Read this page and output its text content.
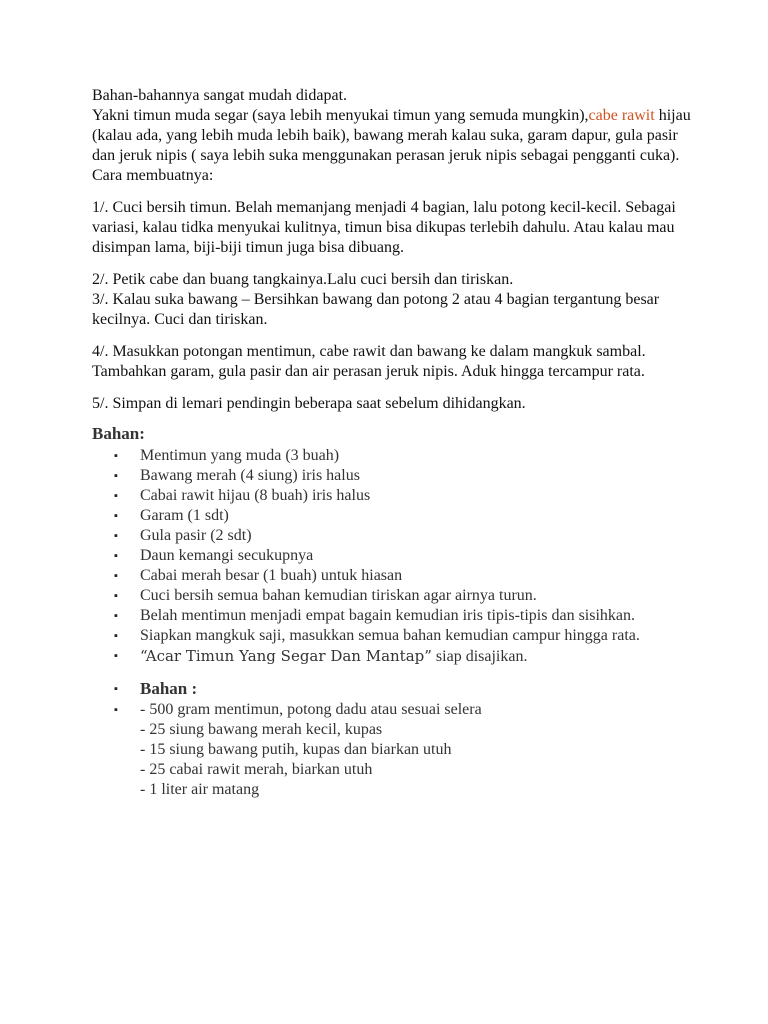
Bahan-bahannya sangat mudah didapat.

Yakni timun muda segar (saya lebih menyukai timun yang semuda mungkin),cabe rawit hijau (kalau ada, yang lebih muda lebih baik), bawang merah kalau suka, garam dapur, gula pasir dan jeruk nipis ( saya lebih suka menggunakan perasan jeruk nipis sebagai pengganti cuka).

Cara membuatnya:

1/. Cuci bersih timun. Belah memanjang menjadi 4 bagian, lalu potong kecil-kecil. Sebagai variasi, kalau tidka menyukai kulitnya, timun bisa dikupas terlebih dahulu. Atau kalau mau disimpan lama, biji-biji timun juga bisa dibuang.

2/. Petik cabe dan buang tangkainya.Lalu cuci bersih dan tiriskan.

3/. Kalau suka bawang – Bersihkan bawang dan potong 2 atau 4 bagian tergantung besar kecilnya. Cuci dan tiriskan.

4/. Masukkan potongan mentimun, cabe rawit dan bawang ke dalam mangkuk sambal. Tambahkan garam, gula pasir dan air perasan jeruk nipis. Aduk hingga tercampur rata.

5/. Simpan di lemari pendingin beberapa saat sebelum dihidangkan.

Bahan:
▪ Mentimun yang muda (3 buah)
▪ Bawang merah (4 siung) iris halus
▪ Cabai rawit hijau (8 buah) iris halus
▪ Garam (1 sdt)
▪ Gula pasir (2 sdt)
▪ Daun kemangi secukupnya
▪ Cabai merah besar (1 buah) untuk hiasan
▪ Cuci bersih semua bahan kemudian tiriskan agar airnya turun.
▪ Belah mentimun menjadi empat bagain kemudian iris tipis-tipis dan sisihkan.
▪ Siapkan mangkuk saji, masukkan semua bahan kemudian campur hingga rata.
▪ “Acar Timun Yang Segar Dan Mantap” siap disajikan.
▪ Bahan :
▪ - 500 gram mentimun, potong dadu atau sesuai selera
- 25 siung bawang merah kecil, kupas
- 15 siung bawang putih, kupas dan biarkan utuh
- 25 cabai rawit merah, biarkan utuh
- 1 liter air matang
